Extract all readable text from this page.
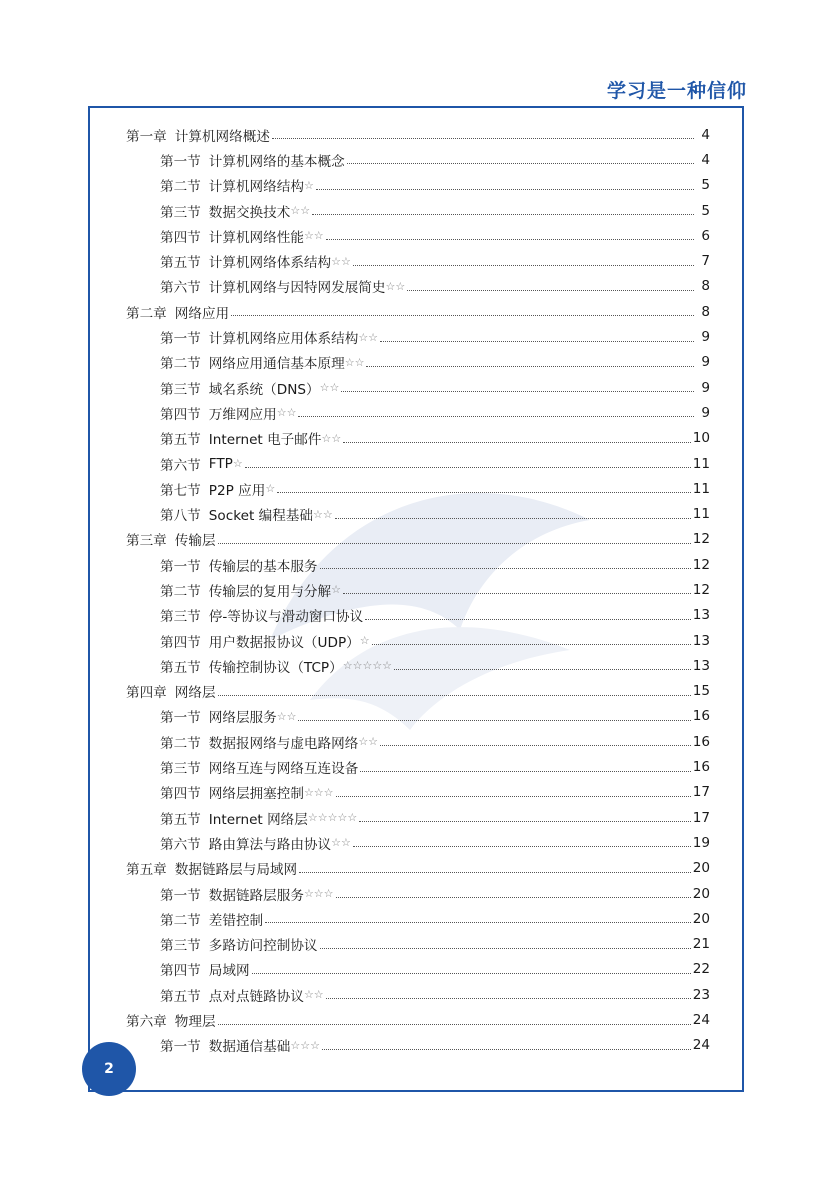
学习是一种信仰
第一章 计算机网络概述	4
第一节 计算机网络的基本概念	4
第二节 计算机网络结构 ☆	5
第三节 数据交换技术 ☆☆	5
第四节 计算机网络性能 ☆☆	6
第五节 计算机网络体系结构 ☆☆	7
第六节 计算机网络与因特网发展简史 ☆☆	8
第二章 网络应用	8
第一节 计算机网络应用体系结构 ☆☆	9
第二节 网络应用通信基本原理 ☆☆	9
第三节 域名系统（DNS） ☆☆	9
第四节 万维网应用 ☆☆	9
第五节 Internet 电子邮件 ☆☆	10
第六节 FTP ☆	11
第七节 P2P 应用 ☆	11
第八节 Socket 编程基础 ☆☆	11
第三章 传输层	12
第一节 传输层的基本服务	12
第二节 传输层的复用与分解 ☆	12
第三节 停-等协议与滑动窗口协议	13
第四节 用户数据报协议（UDP） ☆	13
第五节 传输控制协议（TCP） ☆☆☆☆☆	13
第四章 网络层	15
第一节 网络层服务 ☆☆	16
第二节 数据报网络与虚电路网络 ☆☆	16
第三节 网络互连与网络互连设备	16
第四节 网络层拥塞控制 ☆☆☆	17
第五节 Internet 网络层 ☆☆☆☆☆	17
第六节 路由算法与路由协议 ☆☆	19
第五章 数据链路层与局域网	20
第一节 数据链路层服务 ☆☆☆	20
第二节 差错控制	20
第三节 多路访问控制协议	21
第四节 局域网	22
第五节 点对点链路协议 ☆☆	23
第六章 物理层	24
第一节 数据通信基础 ☆☆☆	24
2
